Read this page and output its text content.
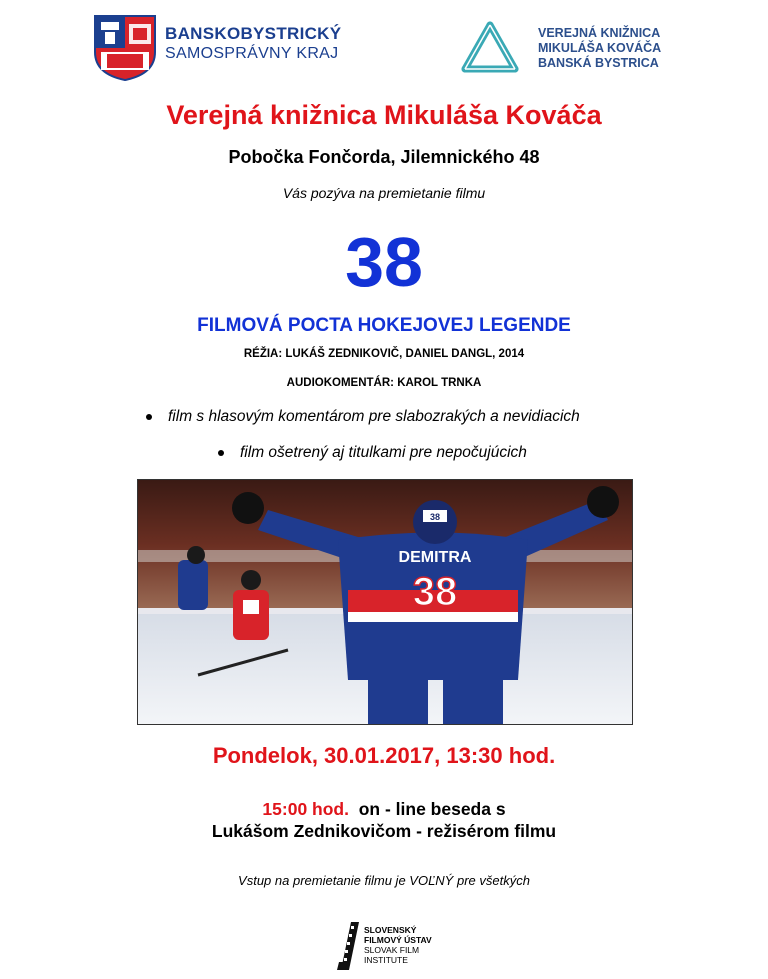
BANSKOBYSTRICKÝ
SAMOSPRÁVNY KRAJ
VEREJNÁ KNIŽNICA
MIKULÁŠA KOVÁČA
BANSKÁ BYSTRICA
Verejná knižnica Mikuláša Kováča
Pobočka Fončorda, Jilemnického 48
Vás pozýva na premietanie filmu
38
FILMOVÁ POCTA HOKEJOVEJ LEGENDE
RÉŽIA: LUKÁŠ ZEDNIKOVIČ, DANIEL DANGL, 2014
AUDIOKOMENTÁR: KAROL TRNKA
film s hlasovým komentárom pre slabozrakých a nevidiacich
film ošetrený aj titulkami pre nepočujúcich
38
DEMITRA
38
Pondelok, 30.01.2017, 13:30 hod.
15:00 hod. on - line beseda s
Lukášom Zednikovičom - režisérom filmu
Vstup na premietanie filmu je VOĽNÝ pre všetkých
SLOVENSKÝ
FILMOVÝ ÚSTAV
SLOVAK FILM
INSTITUTE
